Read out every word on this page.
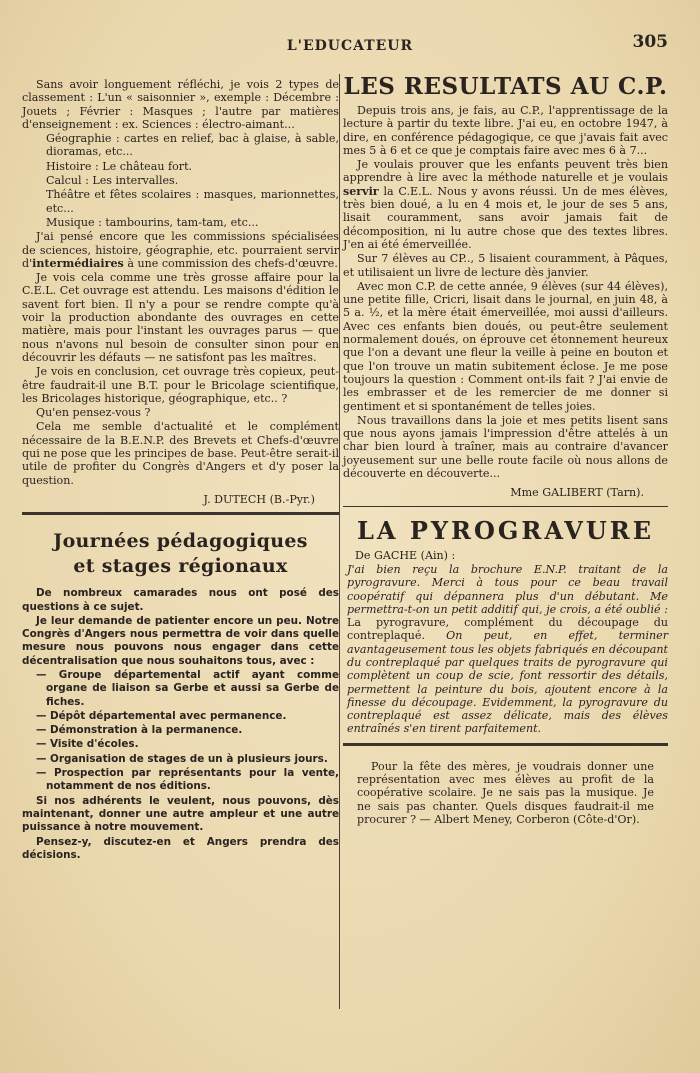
L'EDUCATEUR	305

Sans avoir longuement réfléchi, je vois 2 types de classement : L'un « saisonnier », exemple : Décembre : Jouets ; Février : Masques ; l'autre par matières d'enseignement : ex. Sciences : électro-aimant...

Géographie : cartes en relief, bac à glaise, à sable, dioramas, etc...

Histoire : Le château fort.

Calcul : Les intervalles.

Théâtre et fêtes scolaires : masques, marionnettes, etc...

Musique : tambourins, tam-tam, etc...

J'ai pensé encore que les commissions spécialisées de sciences, histoire, géographie, etc. pourraient servir d'intermédiaires à une commission des chefs-d'œuvre.

Je vois cela comme une très grosse affaire pour la C.E.L. Cet ouvrage est attendu. Les maisons d'édition le savent fort bien. Il n'y a pour se rendre compte qu'à voir la production abondante des ouvrages en cette matière, mais pour l'instant les ouvrages parus — que nous n'avons nul besoin de consulter sinon pour en découvrir les défauts — ne satisfont pas les maîtres.

Je vois en conclusion, cet ouvrage très copieux, peut-être faudrait-il une B.T. pour le Bricolage scientifique, les Bricolages historique, géographique, etc.. ?

Qu'en pensez-vous ?

Cela me semble d'actualité et le complément nécessaire de la B.E.N.P. des Brevets et Chefs-d'œuvre qui ne pose que les principes de base. Peut-être serait-il utile de profiter du Congrès d'Angers et d'y poser la question.

J. DUTECH (B.-Pyr.)

Journées pédagogiques
et stages régionaux

De nombreux camarades nous ont posé des questions à ce sujet.

Je leur demande de patienter encore un peu. Notre Congrès d'Angers nous permettra de voir dans quelle mesure nous pouvons nous engager dans cette décentralisation que nous souhaitons tous, avec :

— Groupe départemental actif ayant comme organe de liaison sa Gerbe et aussi sa Gerbe de fiches.

— Dépôt départemental avec permanence.

— Démonstration à la permanence.

— Visite d'écoles.

— Organisation de stages de un à plusieurs jours.

— Prospection par représentants pour la vente, notamment de nos éditions.

Si nos adhérents le veulent, nous pouvons, dès maintenant, donner une autre ampleur et une autre puissance à notre mouvement.

Pensez-y, discutez-en et Angers prendra des décisions.

LES RESULTATS AU C.P.

Depuis trois ans, je fais, au C.P., l'apprentissage de la lecture à partir du texte libre. J'ai eu, en octobre 1947, à dire, en conférence pédagogique, ce que j'avais fait avec mes 5 à 6 et ce que je comptais faire avec mes 6 à 7...

Je voulais prouver que les enfants peuvent très bien apprendre à lire avec la méthode naturelle et je voulais servir la C.E.L. Nous y avons réussi. Un de mes élèves, très bien doué, a lu en 4 mois et, le jour de ses 5 ans, lisait couramment, sans avoir jamais fait de décomposition, ni lu autre chose que des textes libres. J'en ai été émerveillée.

Sur 7 élèves au CP.., 5 lisaient couramment, à Pâques, et utilisaient un livre de lecture dès janvier.

Avec mon C.P. de cette année, 9 élèves (sur 44 élèves), une petite fille, Cricri, lisait dans le journal, en juin 48, à 5 a. ½, et la mère était émerveillée, moi aussi d'ailleurs. Avec ces enfants bien doués, ou peut-être seulement normalement doués, on éprouve cet étonnement heureux que l'on a devant une fleur la veille à peine en bouton et que l'on trouve un matin subitement éclose. Je me pose toujours la question : Comment ont-ils fait ? J'ai envie de les embrasser et de les remercier de me donner si gentiment et si spontanément de telles joies.

Nous travaillons dans la joie et mes petits lisent sans que nous ayons jamais l'impression d'être attelés à un char bien lourd à traîner, mais au contraire d'avancer joyeusement sur une belle route facile où nous allons de découverte en découverte...

Mme GALIBERT (Tarn).

LA PYROGRAVURE

De GACHE (Ain) :

J'ai bien reçu la brochure E.N.P. traitant de la pyrogravure. Merci à tous pour ce beau travail coopératif qui dépannera plus d'un débutant. Me permettra-t-on un petit additif qui, je crois, a été oublié : La pyrogravure, complément du découpage du contreplaqué. On peut, en effet, terminer avantageusement tous les objets fabriqués en découpant du contreplaqué par quelques traits de pyrogravure qui complètent un coup de scie, font ressortir des détails, permettent la peinture du bois, ajoutent encore à la finesse du découpage. Evidemment, la pyrogravure du contreplaqué est assez délicate, mais des élèves entraînés s'en tirent parfaitement.

Pour la fête des mères, je voudrais donner une représentation avec mes élèves au profit de la coopérative scolaire. Je ne sais pas la musique. Je ne sais pas chanter. Quels disques faudrait-il me procurer ? — Albert Meney, Corberon (Côte-d'Or).
